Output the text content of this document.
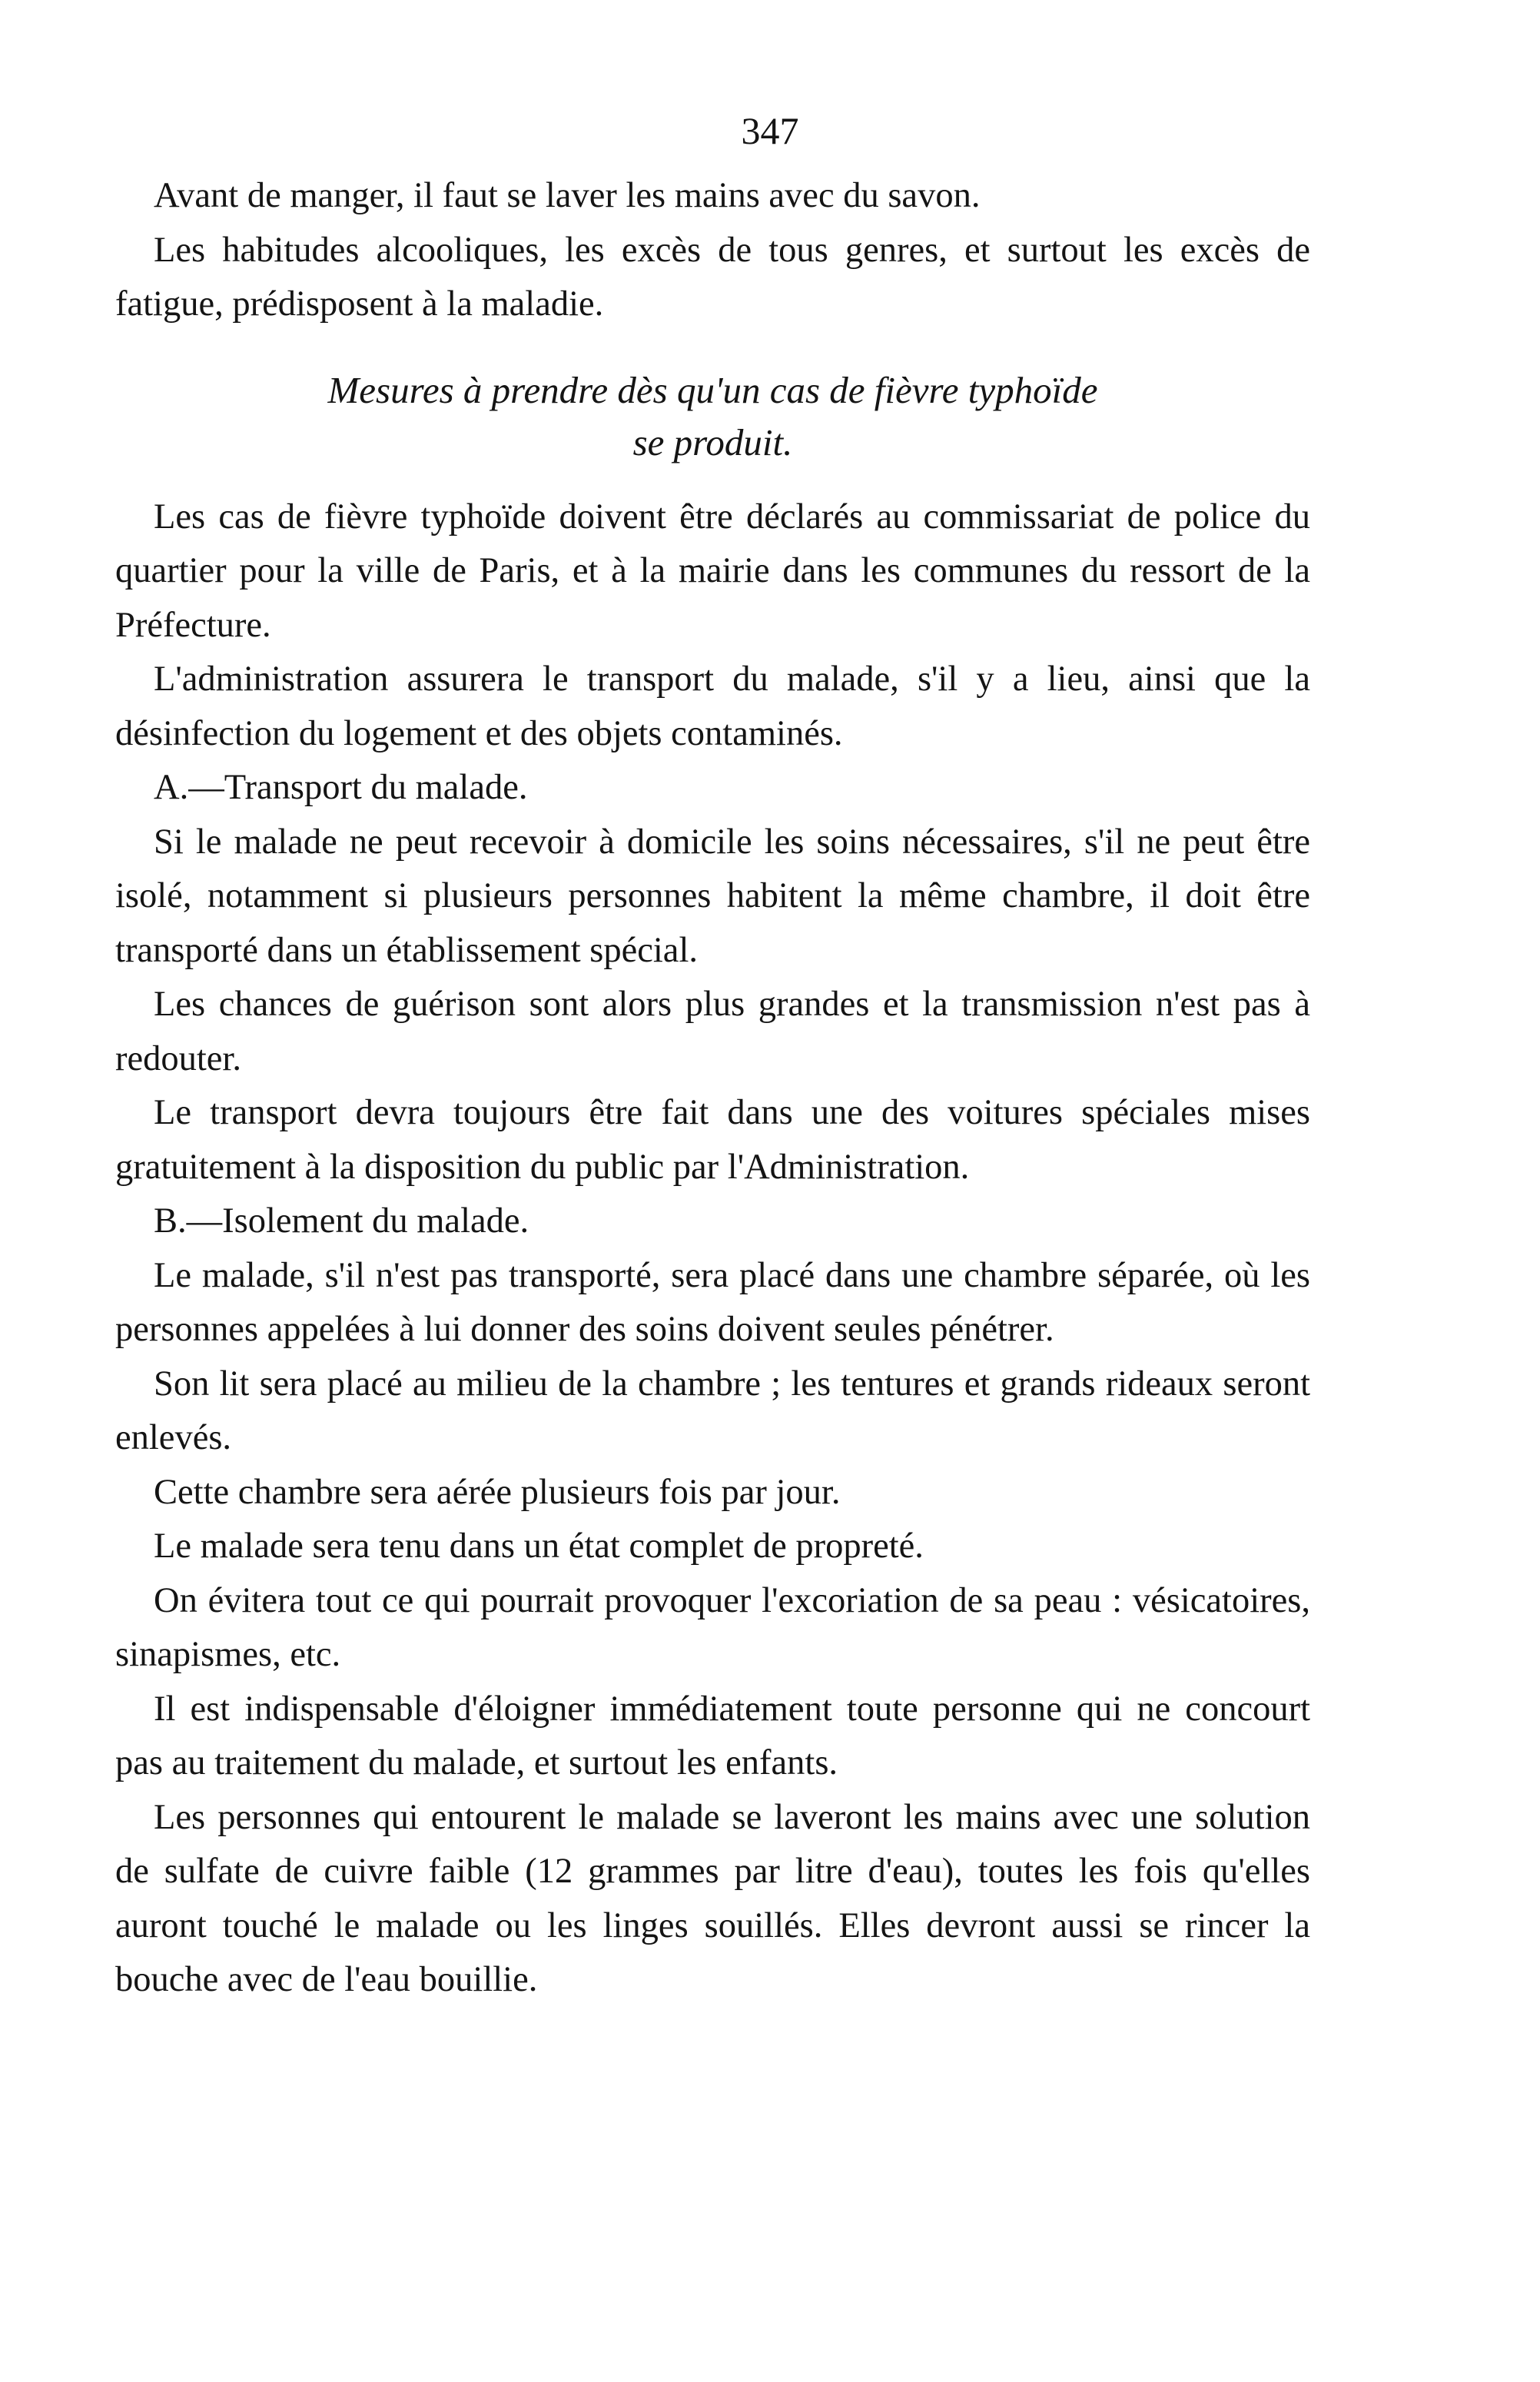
347

Avant de manger, il faut se laver les mains avec du savon.

Les habitudes alcooliques, les excès de tous genres, et surtout les excès de fatigue, prédisposent à la maladie.

Mesures à prendre dès qu'un cas de fièvre typhoïde
se produit.

Les cas de fièvre typhoïde doivent être déclarés au commissariat de police du quartier pour la ville de Paris, et à la mairie dans les communes du ressort de la Préfecture.

L'administration assurera le transport du malade, s'il y a lieu, ainsi que la désinfection du logement et des objets contaminés.

A.—Transport du malade.

Si le malade ne peut recevoir à domicile les soins nécessaires, s'il ne peut être isolé, notamment si plusieurs personnes habitent la même chambre, il doit être transporté dans un établissement spécial.

Les chances de guérison sont alors plus grandes et la transmission n'est pas à redouter.

Le transport devra toujours être fait dans une des voitures spéciales mises gratuitement à la disposition du public par l'Administration.

B.—Isolement du malade.

Le malade, s'il n'est pas transporté, sera placé dans une chambre séparée, où les personnes appelées à lui donner des soins doivent seules pénétrer.

Son lit sera placé au milieu de la chambre ; les tentures et grands rideaux seront enlevés.

Cette chambre sera aérée plusieurs fois par jour.

Le malade sera tenu dans un état complet de propreté.

On évitera tout ce qui pourrait provoquer l'excoriation de sa peau : vésicatoires, sinapismes, etc.

Il est indispensable d'éloigner immédiatement toute personne qui ne concourt pas au traitement du malade, et surtout les enfants.

Les personnes qui entourent le malade se laveront les mains avec une solution de sulfate de cuivre faible (12 grammes par litre d'eau), toutes les fois qu'elles auront touché le malade ou les linges souillés. Elles devront aussi se rincer la bouche avec de l'eau bouillie.
